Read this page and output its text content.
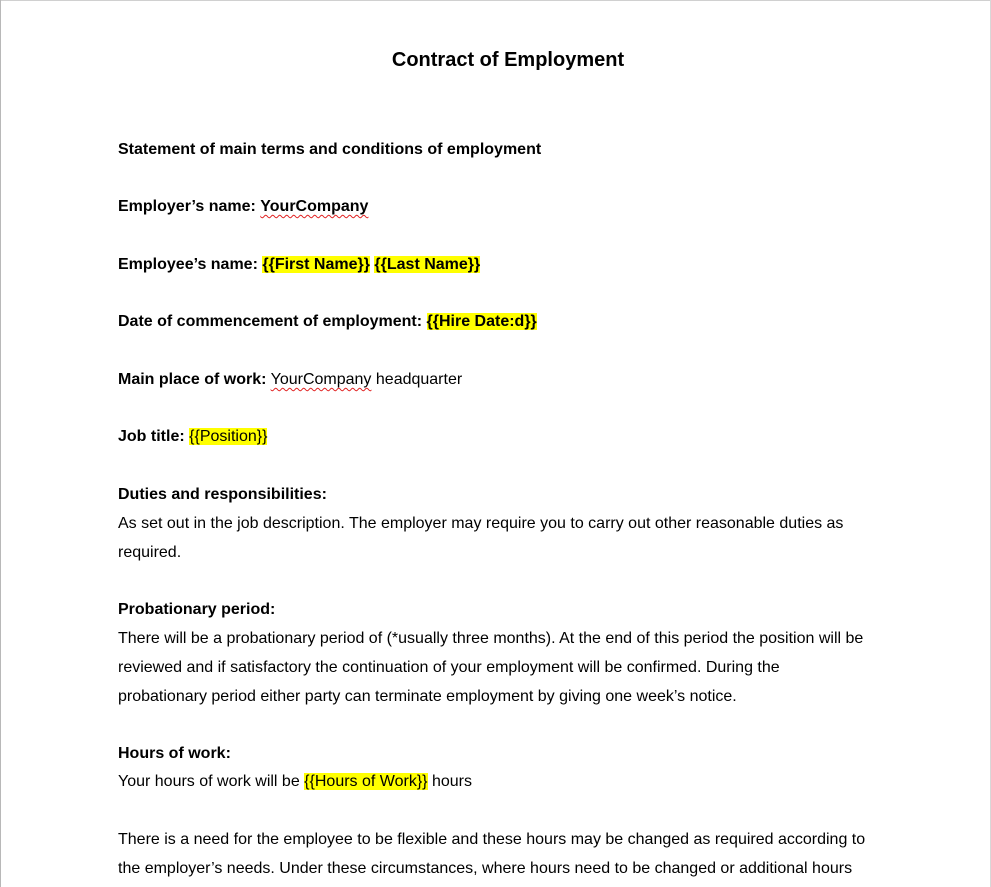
Contract of Employment
Statement of main terms and conditions of employment
Employer’s name: YourCompany
Employee’s name: {{First Name}} {{Last Name}}
Date of commencement of employment: {{Hire Date:d}}
Main place of work: YourCompany headquarter
Job title: {{Position}}
Duties and responsibilities:
As set out in the job description. The employer may require you to carry out other reasonable duties as
required.
Probationary period:
There will be a probationary period of (*usually three months). At the end of this period the position will be
reviewed and if satisfactory the continuation of your employment will be confirmed. During the
probationary period either party can terminate employment by giving one week’s notice.
Hours of work:
Your hours of work will be {{Hours of Work}} hours
There is a need for the employee to be flexible and these hours may be changed as required according to
the employer’s needs. Under these circumstances, where hours need to be changed or additional hours
